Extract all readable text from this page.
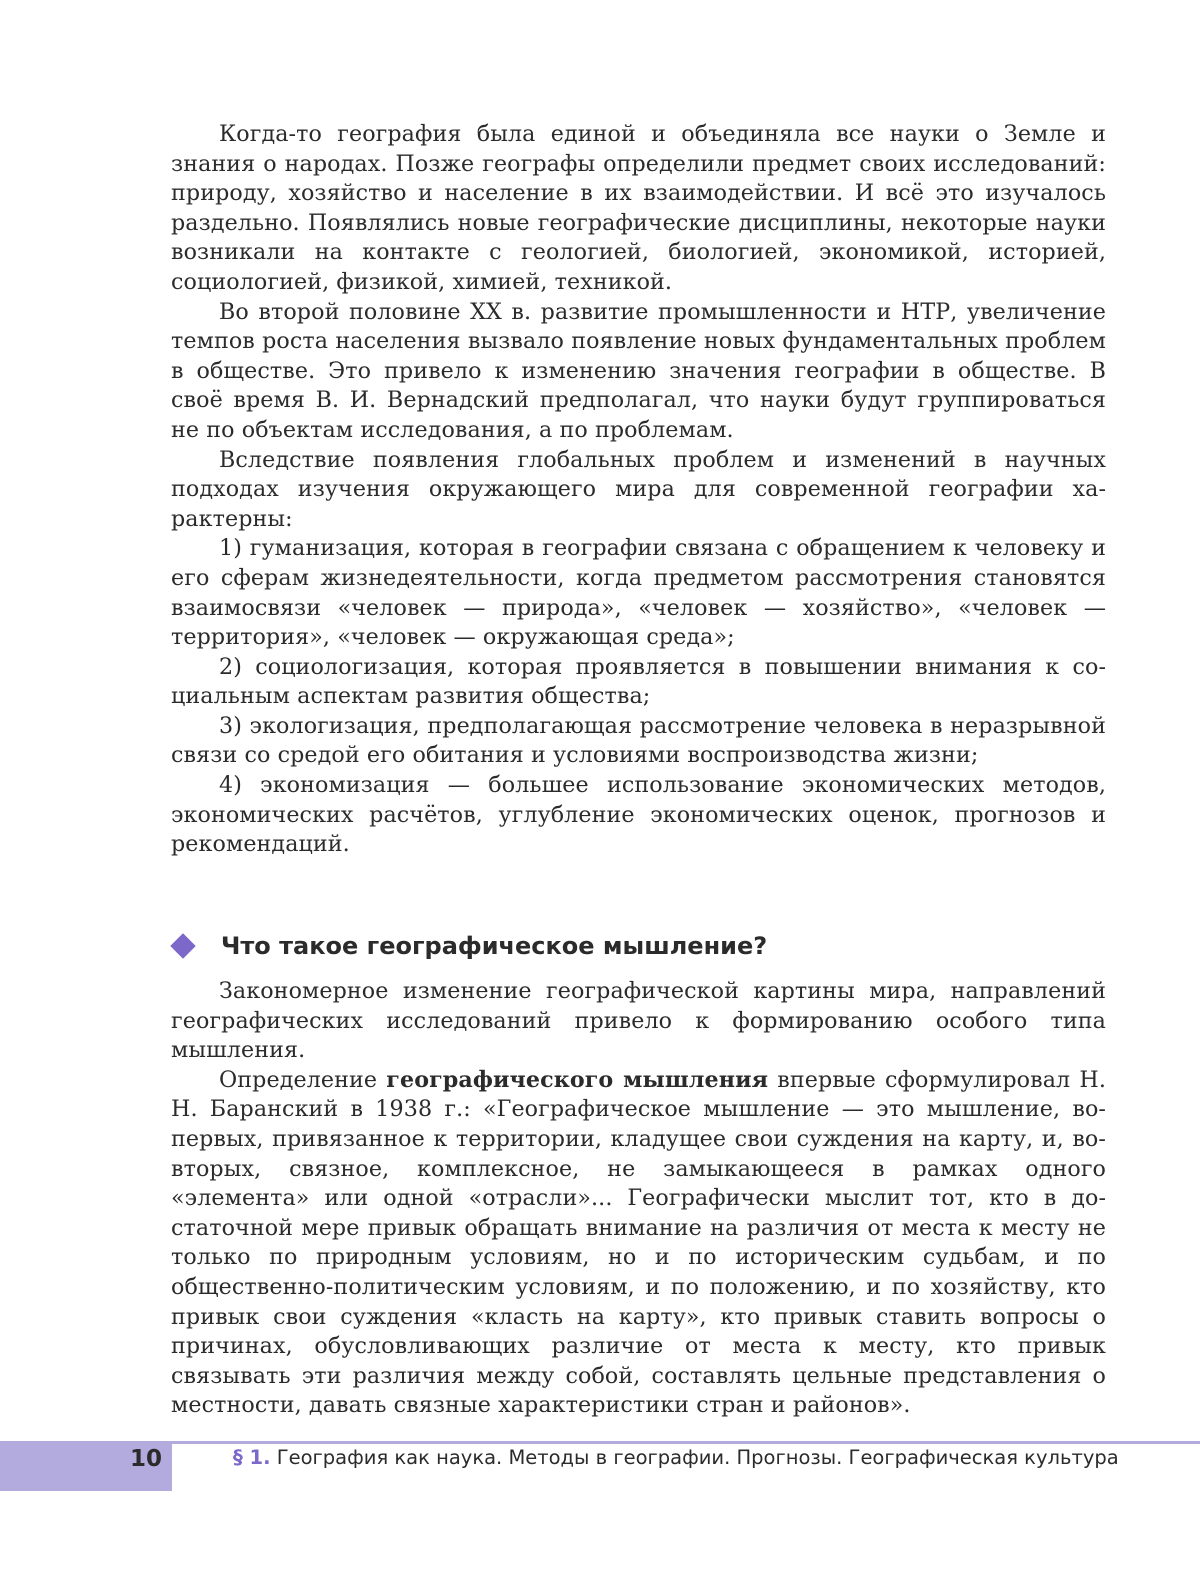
Когда-то география была единой и объединяла все науки о Земле и знания о народах. Позже географы определили предмет своих исследований: природу, хозяйство и население в их взаимодействии. И всё это изучалось раздельно. Появлялись новые географические дисциплины, некоторые науки возникали на контакте с геологией, биологией, экономикой, историей, социологией, физикой, химией, техникой.

Во второй половине XX в. развитие промышленности и НТР, увеличение темпов роста населения вызвало появление новых фундаментальных проблем в обществе. Это привело к изменению значения географии в обществе. В своё время В. И. Вернадский предполагал, что науки будут группироваться не по объектам исследования, а по проблемам.

Вследствие появления глобальных проблем и изменений в научных подходах изучения окружающего мира для современной географии характерны:

1) гуманизация, которая в географии связана с обращением к человеку и его сферам жизнедеятельности, когда предметом рассмотрения становятся взаимосвязи «человек — природа», «человек — хозяйство», «человек — территория», «человек — окружающая среда»;

2) социологизация, которая проявляется в повышении внимания к социальным аспектам развития общества;

3) экологизация, предполагающая рассмотрение человека в неразрывной связи со средой его обитания и условиями воспроизводства жизни;

4) экономизация — большее использование экономических методов, экономических расчётов, углубление экономических оценок, прогнозов и рекомендаций.

Что такое географическое мышление?

Закономерное изменение географической картины мира, направлений географических исследований привело к формированию особого типа мышления.

Определение географического мышления впервые сформулировал Н. Н. Баранский в 1938 г.: «Географическое мышление — это мышление, во-первых, привязанное к территории, кладущее свои суждения на карту, и, во-вторых, связное, комплексное, не замыкающееся в рамках одного «элемента» или одной «отрасли»... Географически мыслит тот, кто в достаточной мере привык обращать внимание на различия от места к месту не только по природным условиям, но и по историческим судьбам, и по общественно-политическим условиям, и по положению, и по хозяйству, кто привык свои суждения «класть на карту», кто привык ставить вопросы о причинах, обусловливающих различие от места к месту, кто привык связывать эти различия между собой, составлять цельные представления о местности, давать связные характеристики стран и районов».

10	§ 1. География как наука. Методы в географии. Прогнозы. Географическая культура
